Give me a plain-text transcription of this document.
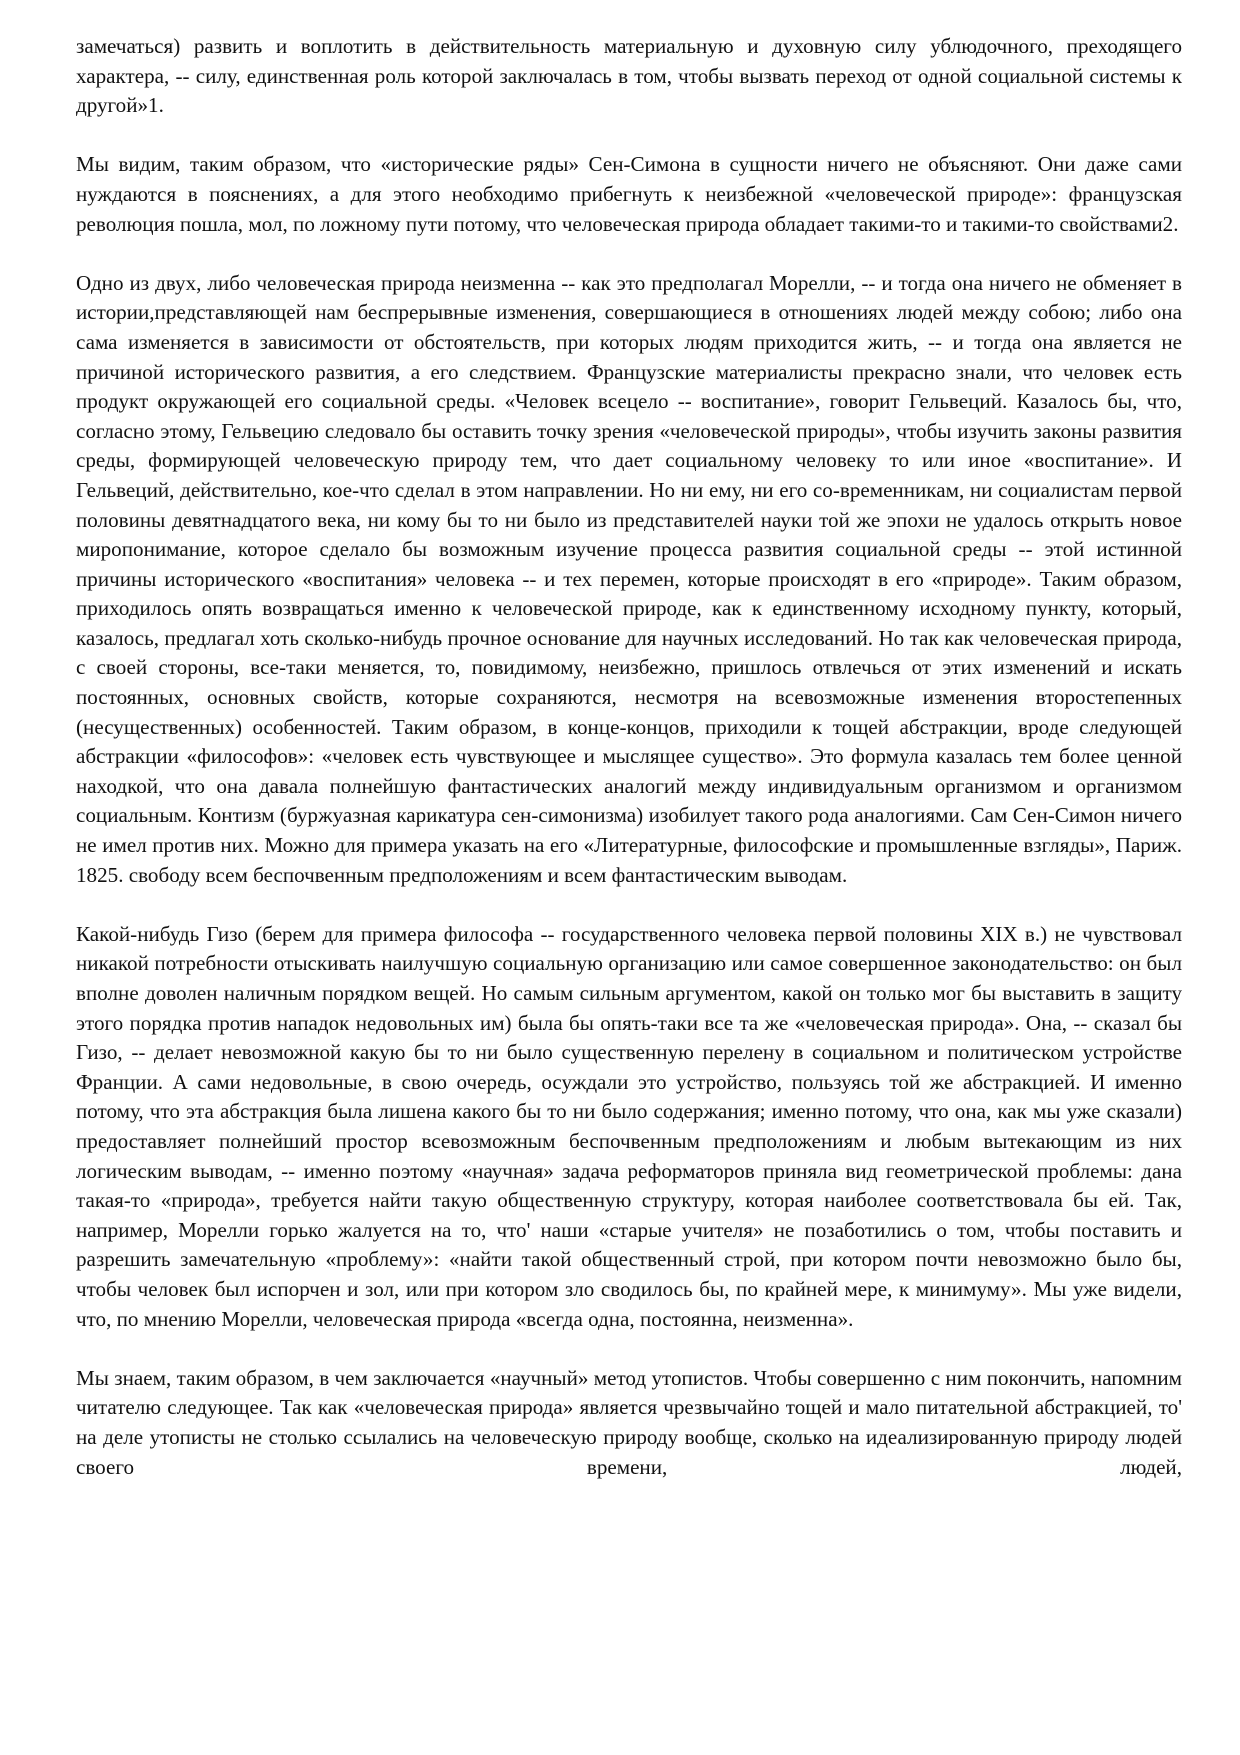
замечаться) развить и воплотить в действительность материальную и духовную силу ублюдочного, преходящего характера, -- силу, единственная роль которой заключалась в том, чтобы вызвать переход от одной социальной системы к другой»1.

Мы видим, таким образом, что «исторические ряды» Сен-Симона в сущности ничего не объясняют. Они даже сами нуждаются в пояснениях, а для этого необходимо прибегнуть к неизбежной «человеческой природе»: французская революция пошла, мол, по ложному пути потому, что человеческая природа обладает такими-то и такими-то свойствами2.

Одно из двух, либо человеческая природа неизменна -- как это предполагал Морелли, -- и тогда она ничего не обменяет в истории,представляющей нам беспрерывные изменения, совершающиеся в отношениях людей между собою; либо она сама изменяется в зависимости от обстоятельств, при которых людям приходится жить, -- и тогда она является не причиной исторического развития, а его следствием. Французские материалисты прекрасно знали, что человек есть продукт окружающей его социальной среды. «Человек всецело -- воспитание», говорит Гельвеций. Казалось бы, что, согласно этому, Гельвецию следовало бы оставить точку зрения «человеческой природы», чтобы изучить законы развития среды, формирующей человеческую природу тем, что дает социальному человеку то или иное «воспитание». И Гельвеций, действительно, кое-что сделал в этом направлении. Но ни ему, ни его со-временникам, ни социалистам первой половины девятнадцатого века, ни кому бы то ни было из представителей науки той же эпохи не удалось открыть новое миропонимание, которое сделало бы возможным изучение процесса развития социальной среды -- этой истинной причины исторического «воспитания» человека -- и тех перемен, которые происходят в его «природе». Таким образом, приходилось опять возвращаться именно к человеческой природе, как к единственному исходному пункту, который, казалось, предлагал хоть сколько-нибудь прочное основание для научных исследований. Но так как человеческая природа, с своей стороны, все-таки меняется, то, повидимому, неизбежно, пришлось отвлечься от этих изменений и искать постоянных, основных свойств, которые сохраняются, несмотря на всевозможные изменения второстепенных (несущественных) особенностей. Таким образом, в конце-концов, приходили к тощей абстракции, вроде следующей абстракции «философов»: «человек есть чувствующее и мыслящее существо». Это формула казалась тем более ценной находкой, что она давала полнейшую фантастических аналогий между индивидуальным организмом и организмом социальным. Контизм (буржуазная карикатура сен-симонизма) изобилует такого рода аналогиями. Сам Сен-Симон ничего не имел против них. Можно для примера указать на его «Литературные, философские и промышленные взгляды», Париж. 1825. свободу всем беспочвенным предположениям и всем фантастическим выводам.

Какой-нибудь Гизо (берем для примера философа -- государственного человека первой половины XIX в.) не чувствовал никакой потребности отыскивать наилучшую социальную организацию или самое совершенное законодательство: он был вполне доволен наличным порядком вещей. Но самым сильным аргументом, какой он только мог бы выставить в защиту этого порядка против нападок недовольных им) была бы опять-таки все та же «человеческая природа». Она, -- сказал бы Гизо, -- делает невозможной какую бы то ни было существенную перелену в социальном и политическом устройстве Франции. А сами недовольные, в свою очередь, осуждали это устройство, пользуясь той же абстракцией. И именно потому, что эта абстракция была лишена какого бы то ни было содержания; именно потому, что она, как мы уже сказали) предоставляет полнейший простор всевозможным беспочвенным предположениям и любым вытекающим из них логическим выводам, -- именно поэтому «научная» задача реформаторов приняла вид геометрической проблемы: дана такая-то «природа», требуется найти такую общественную структуру, которая наиболее соответствовала бы ей. Так, например, Морелли горько жалуется на то, что' наши «старые учителя» не позаботились о том, чтобы поставить и разрешить замечательную «проблему»: «найти такой общественный строй, при котором почти невозможно было бы, чтобы человек был испорчен и зол, или при котором зло сводилось бы, по крайней мере, к минимуму». Мы уже видели, что, по мнению Морелли, человеческая природа «всегда одна, постоянна, неизменна».

Мы знаем, таким образом, в чем заключается «научный» метод утопистов. Чтобы совершенно с ним покончить, напомним читателю следующее. Так как «человеческая природа» является чрезвычайно тощей и мало питательной абстракцией, то' на деле утописты не столько ссылались на человеческую природу вообще, сколько на идеализированную природу людей своего времени, людей,
